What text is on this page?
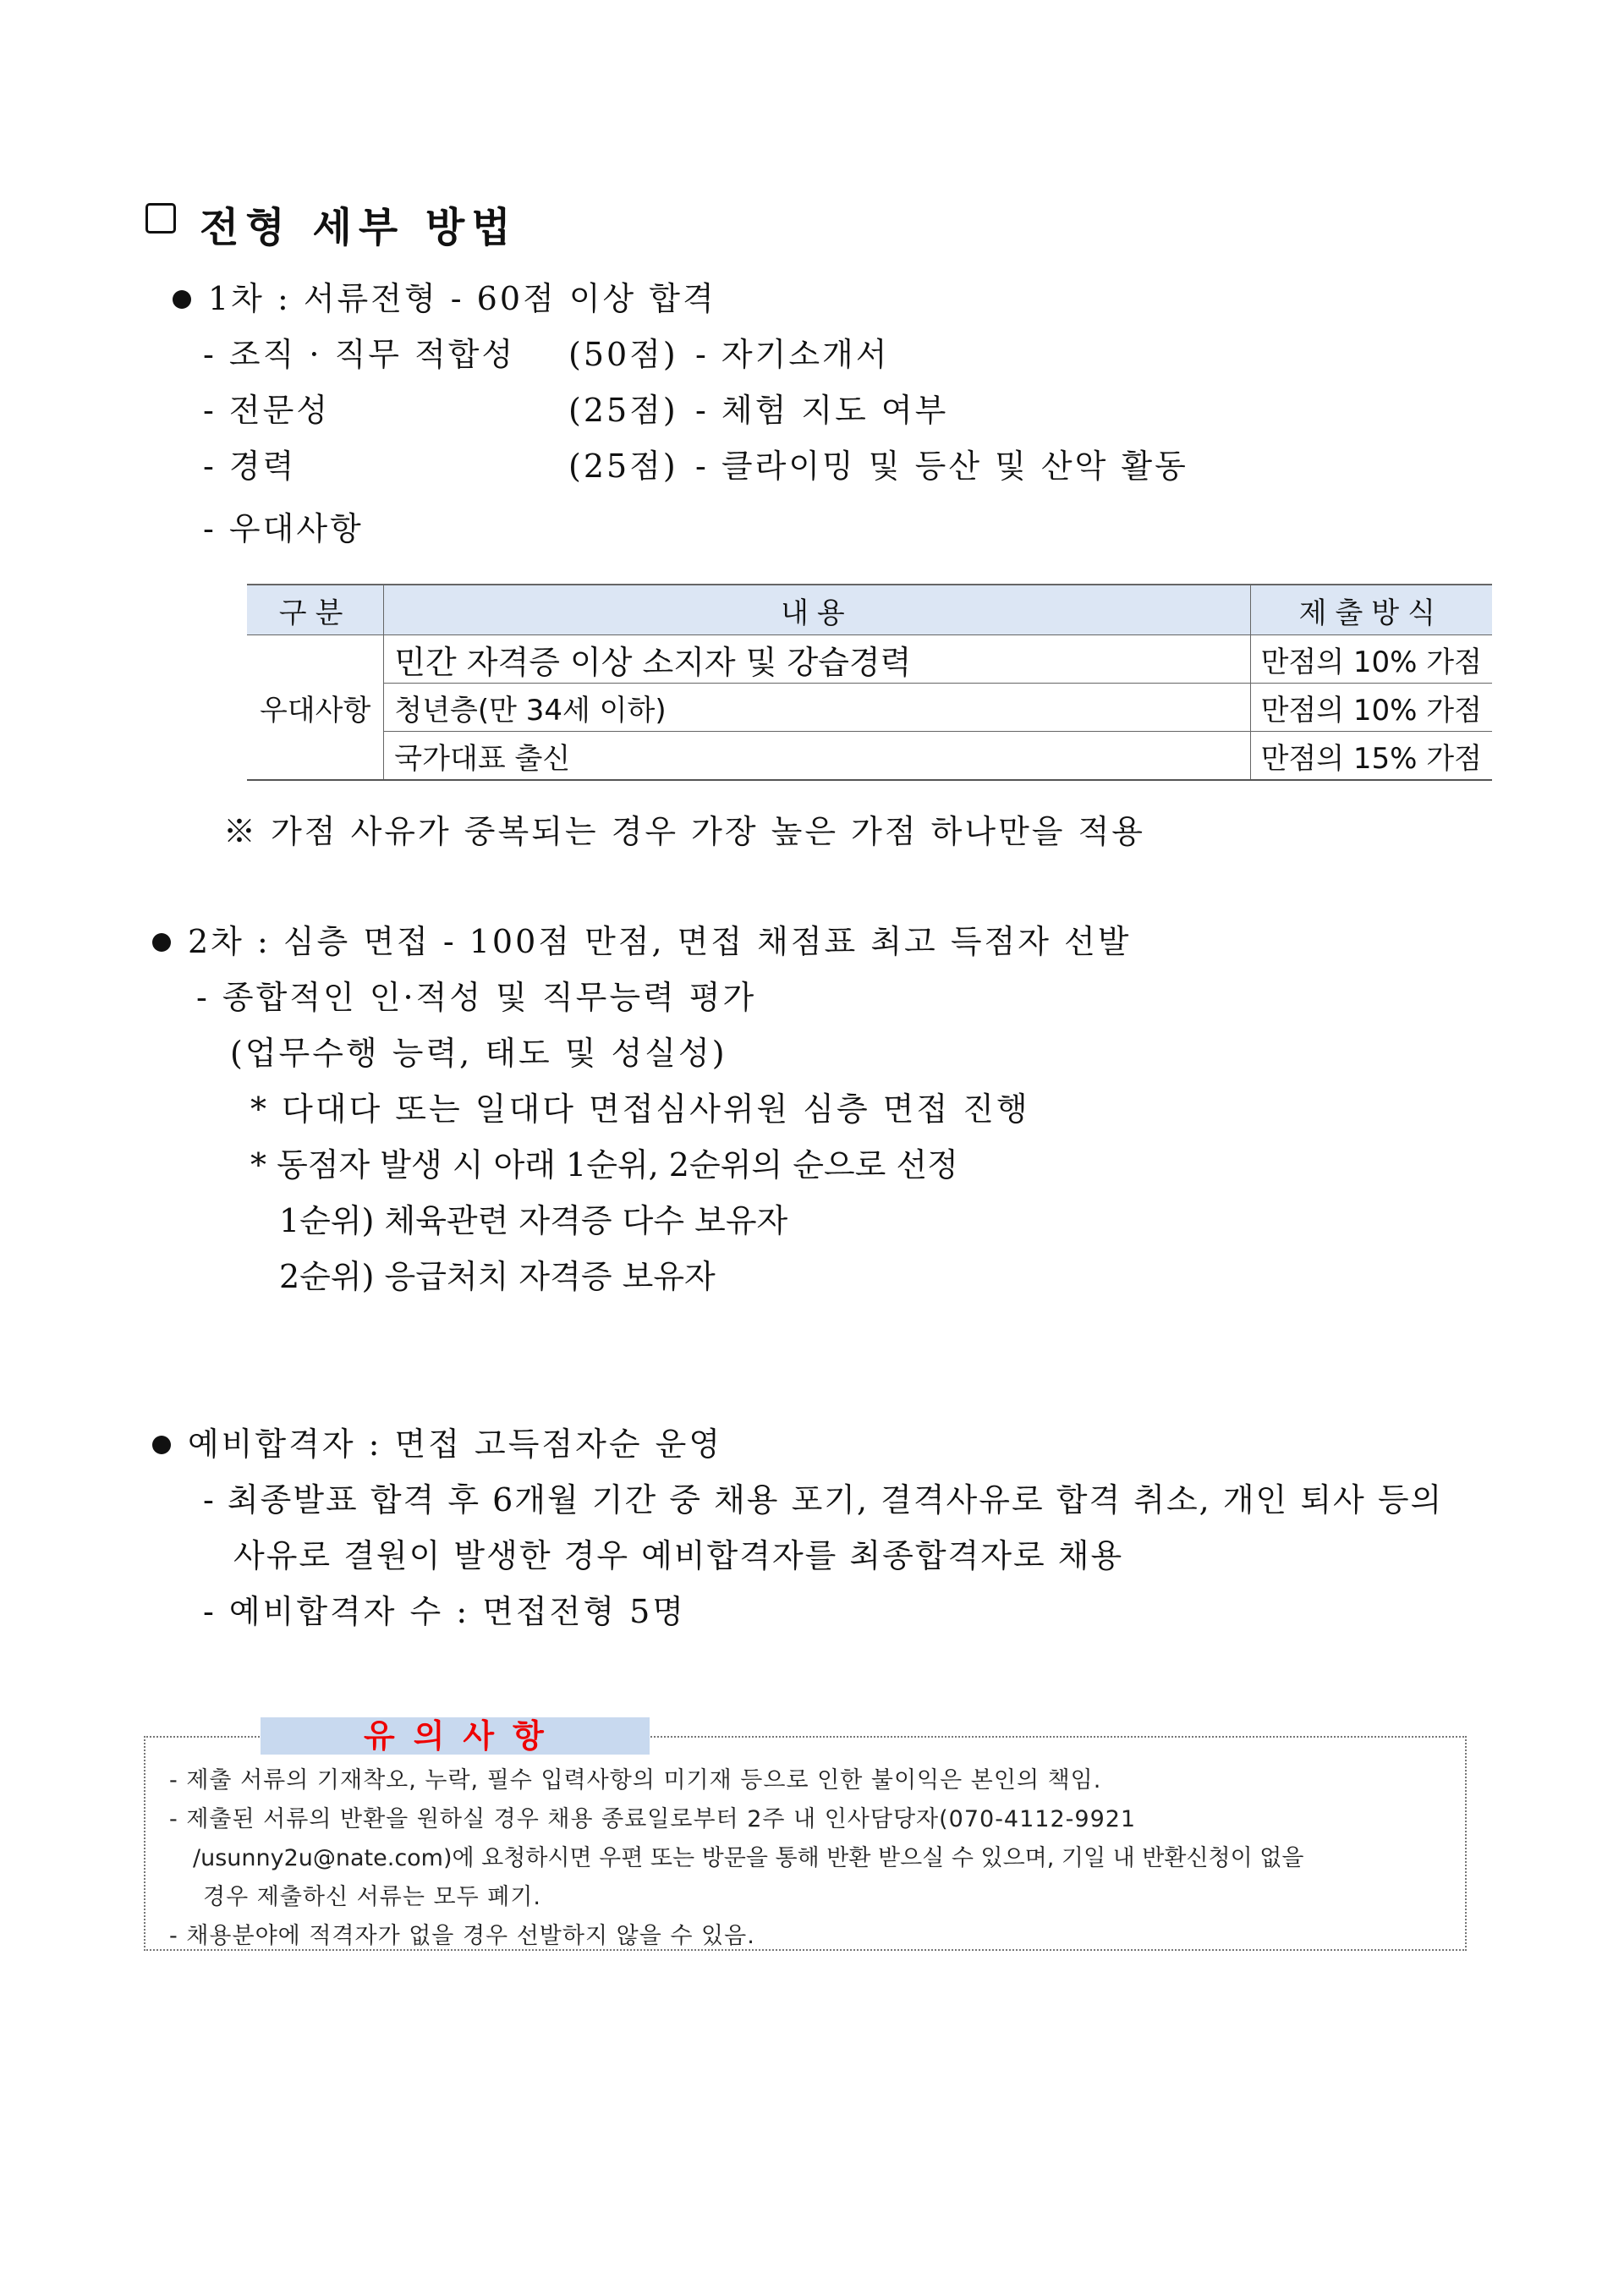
전형 세부 방법
1차 : 서류전형 - 60점 이상 합격
- 조직 · 직무 적합성 (50점) - 자기소개서
- 전문성	(25점) - 체험 지도 여부
- 경력	(25점) - 클라이밍 및 등산 및 산악 활동
- 우대사항
구분	내용	제출방식
우대사항	민간 자격증 이상 소지자 및 강습경력	만점의 10% 가점
	청년층(만 34세 이하)	만점의 10% 가점
	국가대표 출신	만점의 15% 가점
※ 가점 사유가 중복되는 경우 가장 높은 가점 하나만을 적용
2차 : 심층 면접 - 100점 만점, 면접 채점표 최고 득점자 선발
- 종합적인 인·적성 및 직무능력 평가
(업무수행 능력, 태도 및 성실성)
* 다대다 또는 일대다 면접심사위원 심층 면접 진행
* 동점자 발생 시 아래 1순위, 2순위의 순으로 선정
1순위) 체육관련 자격증 다수 보유자
2순위) 응급처치 자격증 보유자
예비합격자 : 면접 고득점자순 운영
- 최종발표 합격 후 6개월 기간 중 채용 포기, 결격사유로 합격 취소, 개인 퇴사 등의
사유로 결원이 발생한 경우 예비합격자를 최종합격자로 채용
- 예비합격자 수 : 면접전형 5명
유의사항
- 제출 서류의 기재착오, 누락, 필수 입력사항의 미기재 등으로 인한 불이익은 본인의 책임.
- 제출된 서류의 반환을 원하실 경우 채용 종료일로부터 2주 내 인사담당자(070-4112-9921
/usunny2u@nate.com)에 요청하시면 우편 또는 방문을 통해 반환 받으실 수 있으며, 기일 내 반환신청이 없을
경우 제출하신 서류는 모두 폐기.
- 채용분야에 적격자가 없을 경우 선발하지 않을 수 있음.
